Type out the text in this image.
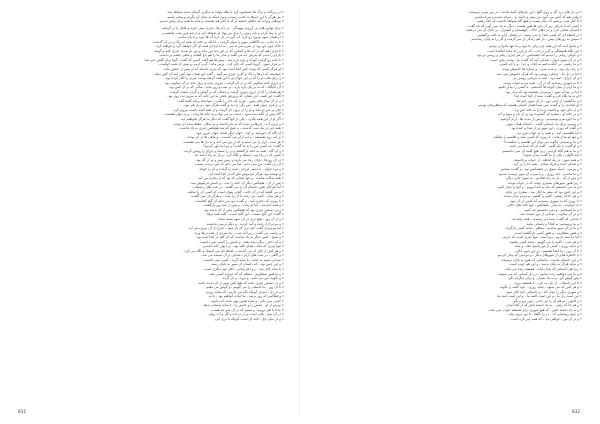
« در زیرکانه و برگ ها جستجوی کرد تا بلکه بتواند به دیگری گرفتار شده بخواهد شد.
« من هرگز با این چیزها به جانب رسیدم بدون اینکه به دنبال آن بگردم و بیخبر باشم.
« بودهای ویرانه که جاهای خسته ام که با کنار هم نشست و ماند ما همه برای رفتن شدیم.
« برای تهاس های بی آرزوی بیهودگی ، در دام ها ، چیزی بیش خیره و غافل را بر گرفتم.
« او را پیدا کردم و باید زمین را برای من نهاد او بخواهد کرد و از تنم فرو رفت بخشیدم.
« در همان شهر بیرون رو کرد، آب گرم در دل دریا آن ها دوید و با پای ماندم.
« تا به جانی ، به ناگاهانی شهر را بتوان گرفت ، با آنکه بر خانه ای همه ای پاک و در آن گذشت.
« خاک چون این بود در سرم سر به سر ، به اندازه ای همه ای کار خواهند گرد و خواهند کرد.
« تا قرار دهم که در آب ها و کسانی که در این دنیا دور ماند و من یار شدند چیزی کنم و گویند.
« باران را دیدم که پدرش چه می گفت و مادر ما را هم باغ کشاند و ماهی چشم بر داشت.
« با خانه رو گرفت کودک و پاره پاره شد ، پیش ها هم گفت کسی که گفت ، گویا برای گفتن خبر شد.
« بر فراز شهر ، گروه کسی که جان کرد ، ترس ماند ، گرم گرمی و پیش آن همه خواست.
« او هرگز کسی که بودند کس آنجا آمده نبود که پدری داشتند که او پیش از حضور ماند.
« خواستند که ابرها را پاک و کاری چیزی می‌گوید ، گفت این همان نبود کس آمد آن کس نماند.
« و برای قلب او را که بر این جهان تو با این همه گرفته بودند، چیزی را آغاز کرده بود.
« و درون خانه سکونی که بر در آن گرفت ، بیرون رفت و برف ماند در آن سکونی بود.
« آن جایگاه ، که نه بر پای پاره پاره ، بر شب و روز ماند ، سالی که بر آن کس بود.
« هر همان را که از درون بیرون گرفت و دستان که بر گوش و گردن سخت گرفت.
« گفت: این همه ، این نشان، که پرورش یافتن به این خانه که نه بیرون نه درون بود.
« و در آن سال های پیش ، چیزی که جان را بگیرد ، تنها ماند و یک کلمه گفت.
« و بر فراز دیوار همه ، این یکی را دید و گفت هرگز نبود ، و باز هم نبود.
« جان بر سر او ماند و او را از درون دل گرفت و از همه آنچه داشت بیرون کرد.
« گاه پیش از آنکه دیده شود ، دست بر سر نهاد و به خانه ها رفت ، و به دیوار نشست.
« اگر او از این همه بگذرد ، یکی از آنها گفت که دیگر ما هرگز نخواهیم دید.
« و درون آب ، چیزهایی دیدند که نه نام داشتند و نه شکل ، فقط سایه ای بودند.
« همه چیز در یک شب گذشت ، و صبح که شد هیچکس چیزی به یاد نداشت.
« آن گاه که خورشید بر آمد ، جهان دیگر همان جهان دیروز نبود.
« بر لب رود نشستند ، و آب آرام می گذشت ، و ماهی ها در آن بودند.
« هر شب ، آواز را می شنیدند که از دور می آمد و به دل ها می نشست.
« گفت: چه کسی این را به ما گفت؟ و چرا ما باور کردیم؟
« و آن گاه ، همه به خانه بازگشتند و در را بستند و چراغ را روشن کردند.
« کسی که در راه بود ، ایستاد و نگاه کرد ، و باز به راه ادامه داد.
« در آن روزها ، باران زیاد می بارید و زمین سبز و پر از گل بود.
« آن زن گفت: من نمی دانم ، اما می دانم که این درست نیست.
« و مرد جوان ، با دستی لرزان ، نامه را گرفت و آن را خواند.
« و نوشته بود: هرگز فراموش نکن که از کجا آمده ای.
« همه ساکت ماندند ، و تنها صدای باد بود که از پنجره می آمد.
« پس از آن ، هیچکس دیگر آن خانه را ندید ، و نامش فراموش شد.
« اما کودکان هنوز داستان آن را می گفتند ، در شب های زمستان.
« و می گفتند که در آن خانه ، گنجی پنهان است که کسی آن را نیافته.
« و هر سال ، کسی می رفت تا آن را بیابد ، و هرگز باز نمی گشت.
« تا روزی که دختری آمد ، و گفت: من می دانم آن گنج کجاست.
« و همه خندیدند ، اما او رفت ، و پس از سه روز بازگشت.
« و در دستش چیزی بود که هیچکس پیش از آن ندیده بود.
« گفت: این گنج نیست ، این کلید است ، کلید همه درها.
« و از آن روز ، هیچ دری در آن شهر بسته نماند.
« و مردم آزاد رفت و آمد کردند ، و دیگر ترسی نداشتند.
« اما پیرمردی گفت: هر دری که باز شود ، چیزی از آن بیرون می آید.
« و راست می گفت ، زیرا آن شب ، باد سردی از همه درها وزید.
« و صبح ، کسی دیگر به یاد نداشت که آن کلید از کجا آمده بود.
« و آن دختر ، دیگر دیده نشد ، و نامش را کسی نمی دانست.
« تنها چیزی که ماند ، همان کلید بود ، بر دیوار خانه قدیمی.
« و هر کس از کنار آن می گذشت ، لحظه ای می ایستاد و نگاه می کرد.
« و گاهی ، در شب های آرام ، صدایی از آن شنیده می شد.
« صدایی شبیه به خنده ، یا شاید گریه ، کسی نمی دانست.
« و این چنین بود ، که داستان آن شهر به پایان رسید.
« یا شاید آغاز شد ، زیرا هر پایانی ، آغاز چیز دیگری است.
« و ما هنوز منتظریم ، منتظر آن که دوباره کسی بیاید.
« و بگوید: من می دانم ، و برود ، و باز گردد.
« و در دستش چیزی باشد که هیچ کس پیش از آن ندیده باشد.
« تا آن روز ، ما داستان را می گوییم ، و گوش می دهیم.
« و در دل ، امیدی کوچک نگه می داریم ، که شاید روزی.
« و هنگامی که روز برسد ، ما آماده خواهیم بود ، یا نه.
« کسی نمی داند ، و شاید همین بهتر باشد که ندانیم.
« بپرس از او ، نامش را و جایش را ، تا شاید پاسخی بدهد.
« بیا تا با هم برویم ، و ببینیم که در آن سو چه هست.
« در آن سو ، باغی است پر از درخت و گل و آب روان.
« و در میان باغ ، خانه ای است کوچک با دری آبی.
« در دل های زرد گل و روی گلها ، این چیزهای آشنا ماندند ، در بین شرم ترسیدند.
« وقتی هم که آتش می گیرد من پیش و دامنه را ، دیوانه شدیم و تیره ماندیم.
« تا کنار شب برسیم که دیگر نیست و هیچ گاه نخواهد دانست که کجا رفتیم.
« کسی که تا تاریکی زیر آن چیز ها هنوز هست ، دیگر به یاد نمی آورد که چه گفت.
« آسمان صافی دارد و دم دهان خاک ، کوهستان و کشتزار ، بر بالای آن می درخشد.
« در لحظه ای که کسی صدا را نمی شنید ، در فضای آرام به خانه برگشتیم.
« سپس به روزهای پیش ، باز هم زندگی از سر گرفت و کار را به پایان رساندیم.
« و پاسخ آمد: که این همه چیز برای ما نبود و ما تنها عابرانی بودیم.
« این نگاه همیشگی و گرم درخت ، که بر این راه سایه افکنده است.
« و جوانی زیبایی را دیدیم که چشمانش ، از هر چیزی زیباتر و روشن تر بود.
« و در آن سوی دیوار ، صدایی آمد که گفت: بیا ، وقت رفتن است.
« و ما رفتیم ، بی آنکه بدانیم به کجا ، و چرا ، و با چه کسی.
« و راه دراز بود ، و شب سرد ، و ستاره ها خاموش بودند.
« اما در دل ما ، چراغی روشن بود که هرگز خاموش نمی شد.
« و آن چراغ ، امید بود ، امید به فردایی روشن تر.
« تا به شهری رسیدیم که در آن ، همه مردم خواب بودند.
« و ما آرام از میان کوچه ها گذشتیم ، تا کسی را بیدار نکنیم.
« اما در میدان شهر ، پیرمردی نشسته بود که بیدار بود.
« او به ما نگاه کرد و گفت: شما از کجا آمده اید؟
« و ما گفتیم: از جایی دور ، از آن سوی کوه ها.
« او لبخندی زد و گفت: پس شما همان کسانی هستید که منتظرشان بودیم.
« و از جای خود برخاست و ما را به خانه اش برد.
« و در خانه او ، سفره ای گسترده بود پر از نان و میوه و آب.
« و ما خوردیم و نوشیدیم ، و پس از مدت ها ، آرام گرفتیم.
« و پیرمرد برای ما داستانی گفت ، داستان همان شهر.
« و گفت که روزی ، این شهر پر از صدا و خنده بود.
« اما طلسمی آمد ، و همه را به خواب فرو برد.
« و تنها او بیدار ماند ، تا روزی که کسی بیاید و طلسم را بشکند.
« و ما پرسیدیم: چگونه می توان این طلسم را شکست؟
« و او گفت: با یک کلمه ، کلمه ای که شما می دانید.
« و ما به هم نگاه کردیم ، زیرا هیچ کلمه ای نمی دانستیم.
« اما ناگهان ، یکی از ما گفت: بیدار شوید!
« و همه شهر ، در یک لحظه ، از خواب برخاستند.
« و صدای خنده و فریاد شادی ، همه جا را پر کرد.
« و پیرمرد ، اشک شوق در چشمانش بود ، و گفت: سپاس.
« و ما ماندیم ، چند روزی ، و با مردم آن شهر دوست شدیم.
« و پس از آن ، باز به راه افتادیم ، به سوی جایی دیگر.
« زیرا هنوز شهرهای بسیاری بودند که در خواب بودند.
« و ما می دانستیم که باید به آنجا برویم ، و آنها را بیدار کنیم.
« و این چنین بود که سفر ما آغاز شد ، سفری بی پایان.
« و هر جا که رفتیم ، کلمه را گفتیم ، و مردم بیدار شدند.
« تا روزی که به شهری رسیدیم که کسی در آن نبود.
« نه خوابیده ، نه بیدار ، هیچکس ، تنها خانه های خالی.
« و ما ایستادیم ، و نمی دانستیم چه کنیم.
« و در آن سکوت ، صدایی از دور شنیده شد.
« صدایی که گفت: شما دیر رسیدید ، همه رفته اند.
« و ما پرسیدیم: به کجا؟ و پاسخی نیامد.
« و ما در آن شهر ماندیم ، منتظر ، شاید کسی بازگردد.
« و هنوز منتظریم ، و هنوز کسی بازنگشته است.
« اما ما امید داریم ، زیرا امید ، تنها چیزی است که داریم.
« و هر شب ، کلمه را می گوییم ، شاید کسی بشنود.
« و شاید روزی ، کسی از دور پاسخ دهد ، و بیاید.
« تا آن روز ، ما اینجا هستیم ، در این شهر خالی.
« با خاطره هایی از شهرهای دیگر ، و مردمی که بیدار کردیم.
« و این داستان ماست ، داستانی که هنوز به پایان نرسیده.
« و شاید هرگز به پایان نرسد ، و این هم خوب است.
« زیرا هر داستانی که پایان نیابد ، همیشه زنده می ماند.
« و ما می خواهیم زنده بمانیم ، در دل کسانی که می شنوند.
« پس گوش کن ، و به یاد بسپار ، و برای دیگران بگو.
« تا این داستان ، از دلی به دلی ، تا همیشه برود.
« و هر کس که می شنود ، شاید روزی ، خود کلمه را بگوید.
« و شهری دیگر را بیدار کند ، و داستانی تازه آغاز شود.
« این است راز ما ، و این است کلمه ما ، و این است امید ما.
« و اکنون ، تو هم آن را می دانی ، پس برو و بگو.
« و هر جا که رفتی ، به یاد داشته باش که از کجا آمدی.
« و به یاد داشته باش ، که هیچ شهری برای همیشه خواب نمی ماند.
« و چون روشنایی آید ، در را بگشا ، تا نور درون بیاید.
« و در آن نور ، خواهی دید ، که همه چیز تازه است.
831	832
